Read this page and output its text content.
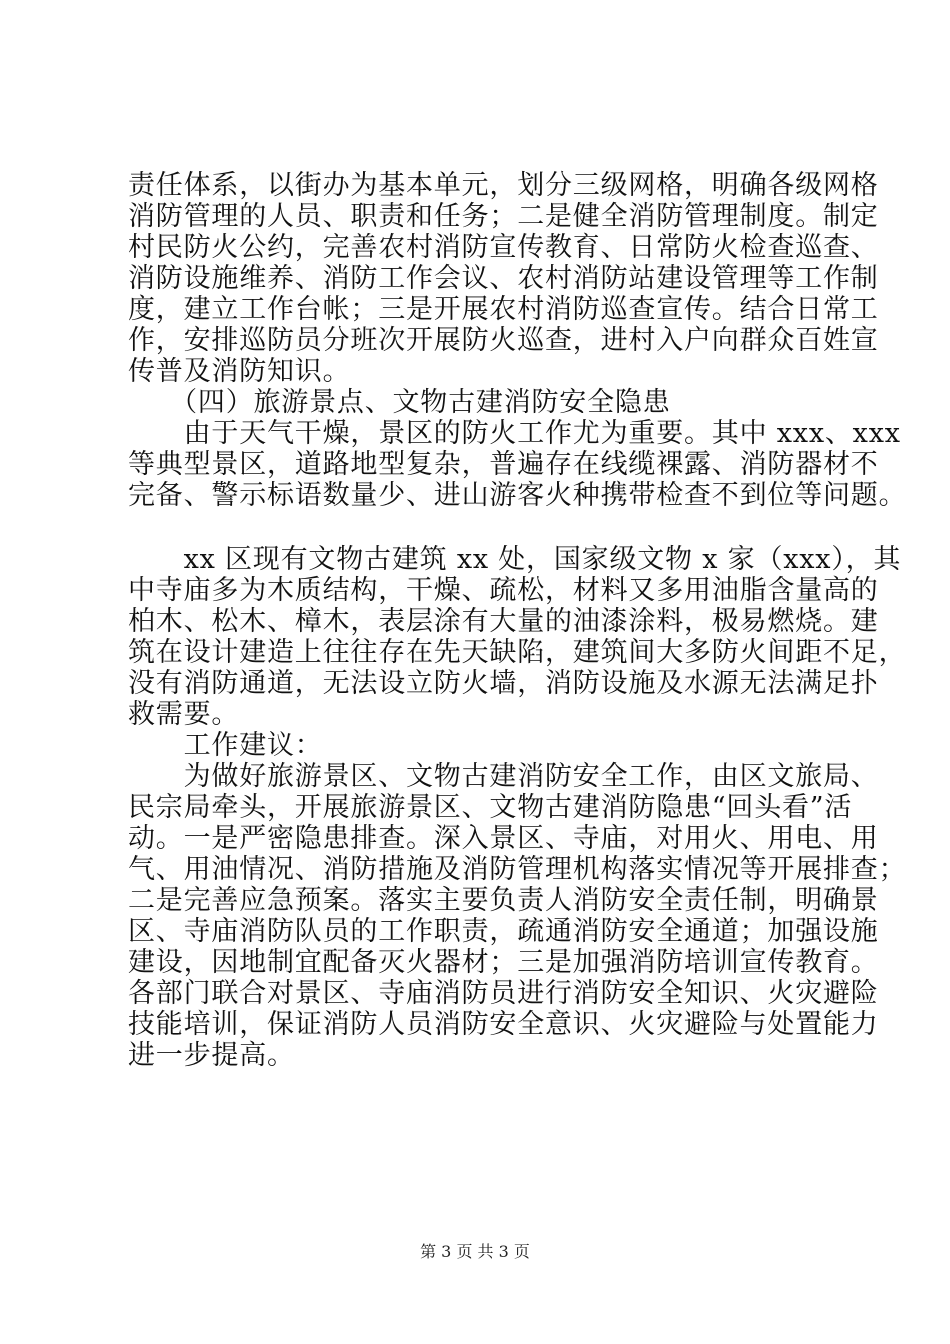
责任体系，以街办为基本单元，划分三级网格，明确各级网格
消防管理的人员、职责和任务；二是健全消防管理制度。制定
村民防火公约，完善农村消防宣传教育、日常防火检查巡查、
消防设施维养、消防工作会议、农村消防站建设管理等工作制
度，建立工作台帐；三是开展农村消防巡查宣传。结合日常工
作，安排巡防员分班次开展防火巡查，进村入户向群众百姓宣
传普及消防知识。
　　（四）旅游景点、文物古建消防安全隐患
　　由于天气干燥，景区的防火工作尤为重要。其中 xxx、xxx
等典型景区，道路地型复杂，普遍存在线缆裸露、消防器材不
完备、警示标语数量少、进山游客火种携带检查不到位等问题。
　　xx 区现有文物古建筑 xx 处，国家级文物 x 家（xxx），其
中寺庙多为木质结构，干燥、疏松，材料又多用油脂含量高的
柏木、松木、樟木，表层涂有大量的油漆涂料，极易燃烧。建
筑在设计建造上往往存在先天缺陷，建筑间大多防火间距不足，
没有消防通道，无法设立防火墙，消防设施及水源无法满足扑
救需要。
　　工作建议：
　　为做好旅游景区、文物古建消防安全工作，由区文旅局、
民宗局牵头，开展旅游景区、文物古建消防隐患“回头看”活
动。一是严密隐患排查。深入景区、寺庙，对用火、用电、用
气、用油情况、消防措施及消防管理机构落实情况等开展排查；
二是完善应急预案。落实主要负责人消防安全责任制，明确景
区、寺庙消防队员的工作职责，疏通消防安全通道；加强设施
建设，因地制宜配备灭火器材；三是加强消防培训宣传教育。
各部门联合对景区、寺庙消防员进行消防安全知识、火灾避险
技能培训，保证消防人员消防安全意识、火灾避险与处置能力
进一步提高。
第 3 页 共 3 页
